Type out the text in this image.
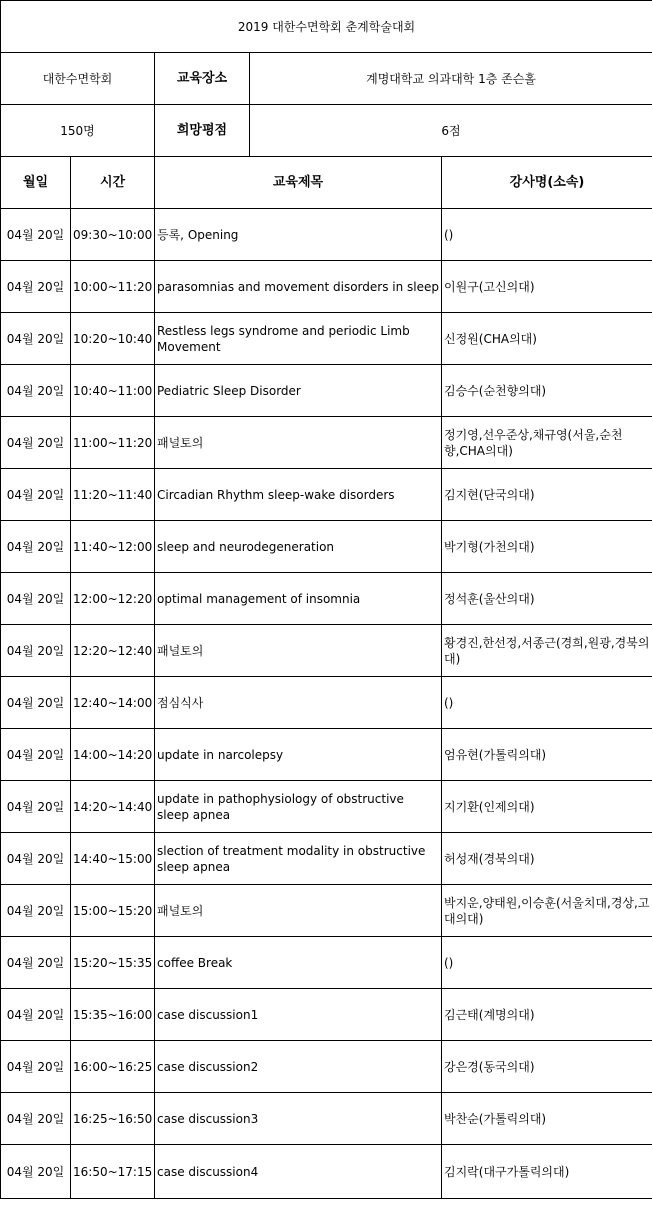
2019 대한수면학회 춘계학술대회				
대한수면학회		교육장소	계명대학교 의과대학 1층 존슨홀	
150명		희망평점	6점	
월일	시간	교육제목		강사명(소속)
04월 20일	09:30~10:00	등록, Opening		()
04월 20일	10:00~11:20	parasomnias and movement disorders in sleep		이원구(고신의대)
04월 20일	10:20~10:40	Restless legs syndrome and periodic Limb Movement		신정원(CHA의대)
04월 20일	10:40~11:00	Pediatric Sleep Disorder		김승수(순천향의대)
04월 20일	11:00~11:20	패널토의		정기영,선우준상,채규영(서울,순천향,CHA의대)
04월 20일	11:20~11:40	Circadian Rhythm sleep-wake disorders		김지현(단국의대)
04월 20일	11:40~12:00	sleep and neurodegeneration		박기형(가천의대)
04월 20일	12:00~12:20	optimal management of insomnia		정석훈(울산의대)
04월 20일	12:20~12:40	패널토의		황경진,한선정,서종근(경희,원광,경북의대)
04월 20일	12:40~14:00	점심식사		()
04월 20일	14:00~14:20	update in narcolepsy		엄유현(가톨릭의대)
04월 20일	14:20~14:40	update in pathophysiology of obstructive sleep apnea		지기환(인제의대)
04월 20일	14:40~15:00	slection of treatment modality in obstructive sleep apnea		허성재(경북의대)
04월 20일	15:00~15:20	패널토의		박지운,양태원,이승훈(서울치대,경상,고대의대)
04월 20일	15:20~15:35	coffee Break		()
04월 20일	15:35~16:00	case discussion1		김근태(계명의대)
04월 20일	16:00~16:25	case discussion2		강은경(동국의대)
04월 20일	16:25~16:50	case discussion3		박찬순(가톨릭의대)
04월 20일	16:50~17:15	case discussion4		김지락(대구가톨릭의대)
